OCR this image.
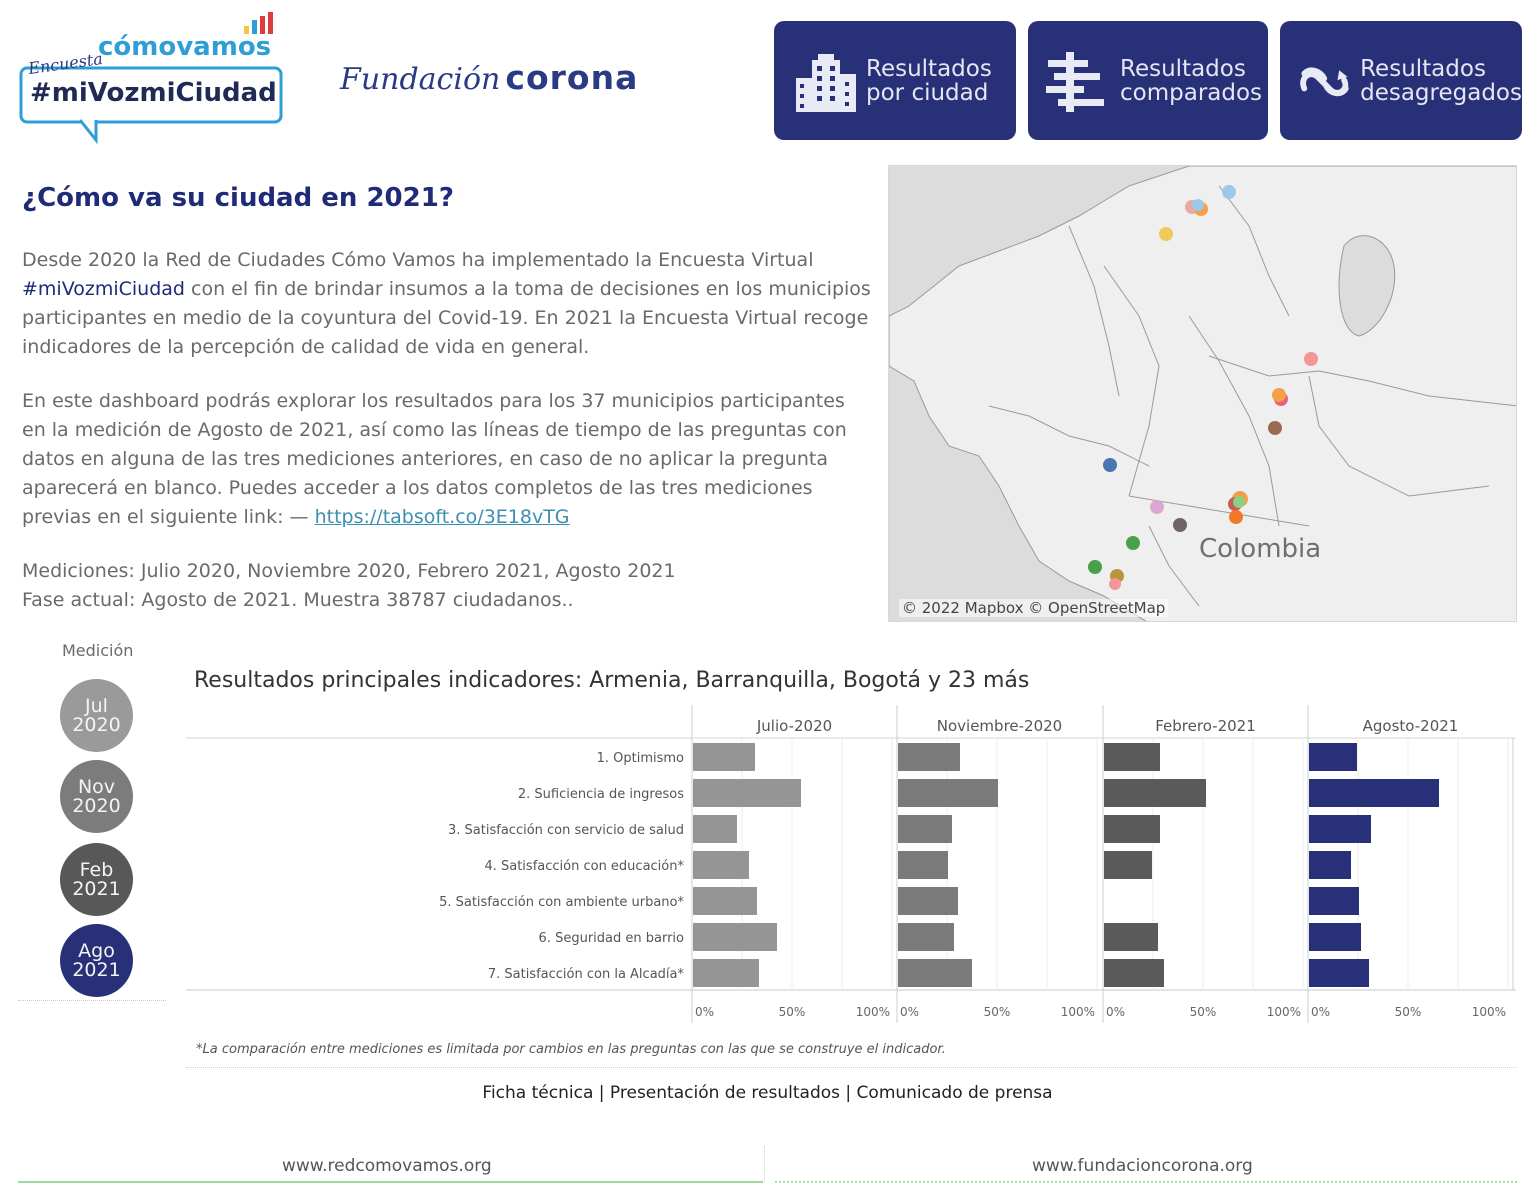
Encuesta
cómovamos
#miVozmiCiudad Fundación corona	Resultados
por ciudad
Resultados
comparados
Resultados
desagregados
¿Cómo va su ciudad en 2021?

Desde 2020 la Red de Ciudades Cómo Vamos ha implementado la Encuesta Virtual
#miVozmiCiudad con el fin de brindar insumos a la toma de decisiones en los municipios participantes en medio de la coyuntura del Covid-19. En 2021 la Encuesta Virtual recoge indicadores de la percepción de calidad de vida en general.

En este dashboard podrás explorar los resultados para los 37 municipios participantes en la medición de Agosto de 2021, así como las líneas de tiempo de las preguntas con datos en alguna de las tres mediciones anteriores, en caso de no aplicar la pregunta aparecerá en blanco. Puedes acceder a los datos completos de las tres mediciones previas en el siguiente link: — https://tabsoft.co/3E18vTG

Mediciones: Julio 2020, Noviembre 2020, Febrero 2021, Agosto 2021
Fase actual: Agosto de 2021. Muestra 38787 ciudadanos..

Colombia
© 2022 Mapbox © OpenStreetMap
Medición
Jul
2020
Nov
2020
Feb
2021
Ago
2021
Resultados principales indicadores: Armenia, Barranquilla, Bogotá y 23 más
Julio-2020
0%	50%	100%
Noviembre-2020
0%	50%	100%
Febrero-2021
0%	50%	100%
Agosto-2021
0%	50%	100%
1. Optimismo
2. Suficiencia de ingresos
3. Satisfacción con servicio de salud
4. Satisfacción con educación*
5. Satisfacción con ambiente urbano*
6. Seguridad en barrio
7. Satisfacción con la Alcadía*
*La comparación entre mediciones es limitada por cambios en las preguntas con las que se construye el indicador.
Ficha técnica | Presentación de resultados | Comunicado de prensa
www.redcomovamos.org	www.fundacioncorona.org
